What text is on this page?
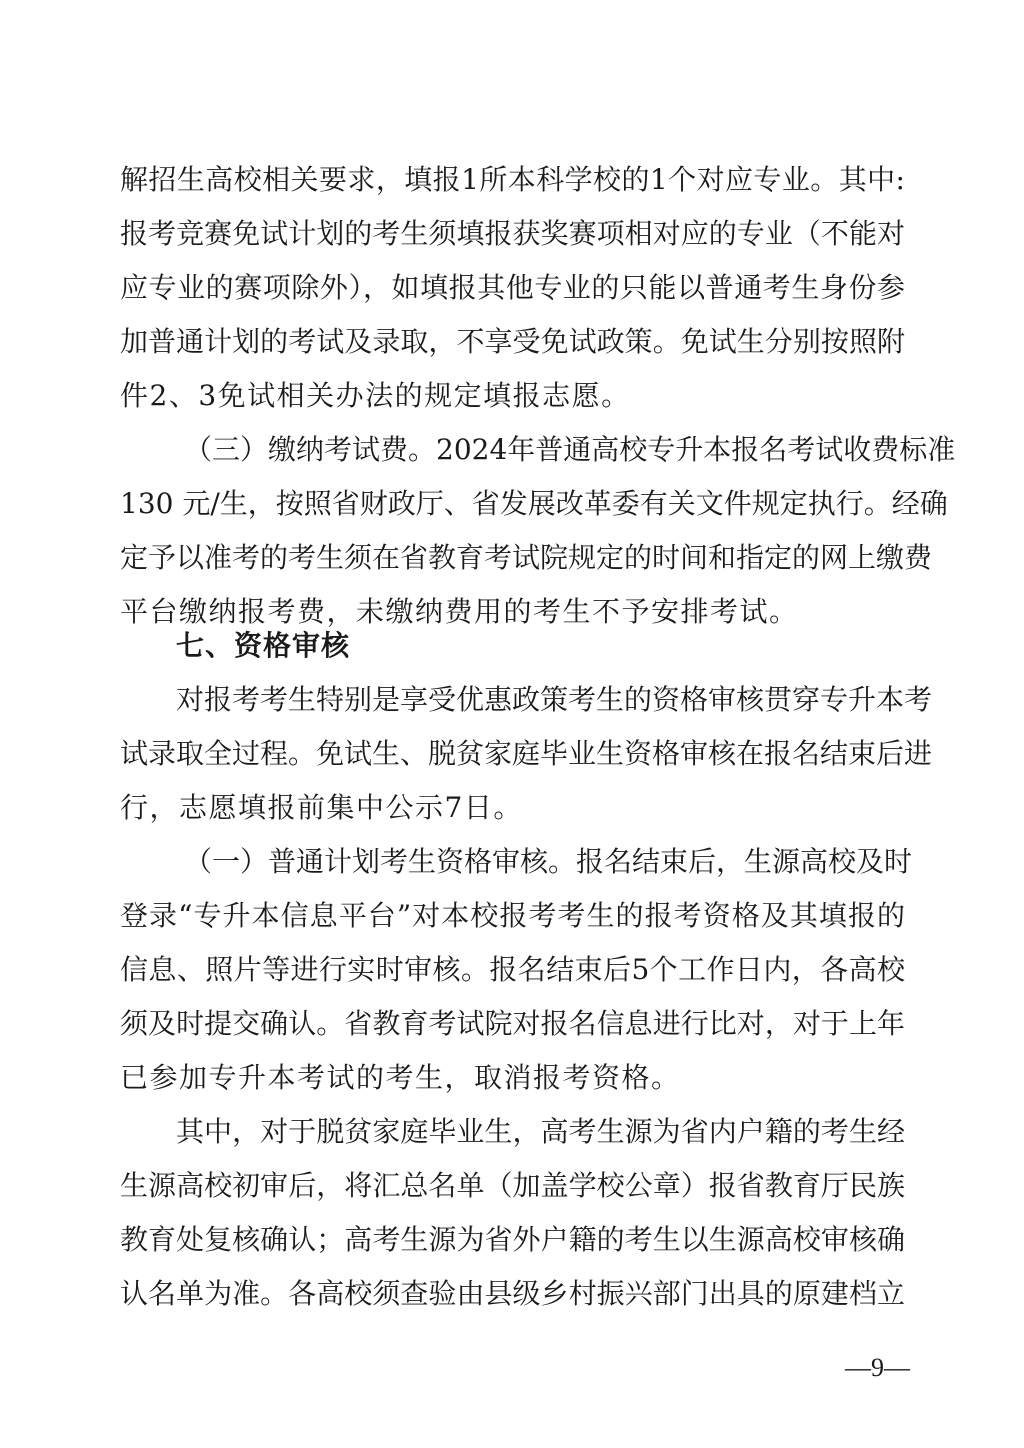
解招生高校相关要求，填报1所本科学校的1个对应专业。其中:
报考竞赛免试计划的考生须填报获奖赛项相对应的专业（不能对
应专业的赛项除外），如填报其他专业的只能以普通考生身份参
加普通计划的考试及录取，不享受免试政策。免试生分别按照附
件2、3免试相关办法的规定填报志愿。
（三）缴纳考试费。2024年普通高校专升本报名考试收费标准
130 元/生，按照省财政厅、省发展改革委有关文件规定执行。经确
定予以准考的考生须在省教育考试院规定的时间和指定的网上缴费
平台缴纳报考费，未缴纳费用的考生不予安排考试。
七、资格审核
对报考考生特别是享受优惠政策考生的资格审核贯穿专升本考
试录取全过程。免试生、脱贫家庭毕业生资格审核在报名结束后进
行，志愿填报前集中公示7日。
（一）普通计划考生资格审核。报名结束后，生源高校及时
登录“专升本信息平台”对本校报考考生的报考资格及其填报的
信息、照片等进行实时审核。报名结束后5个工作日内，各高校
须及时提交确认。省教育考试院对报名信息进行比对，对于上年
已参加专升本考试的考生，取消报考资格。
其中，对于脱贫家庭毕业生，高考生源为省内户籍的考生经
生源高校初审后，将汇总名单（加盖学校公章）报省教育厅民族
教育处复核确认；高考生源为省外户籍的考生以生源高校审核确
认名单为准。各高校须查验由县级乡村振兴部门出具的原建档立
—9—
